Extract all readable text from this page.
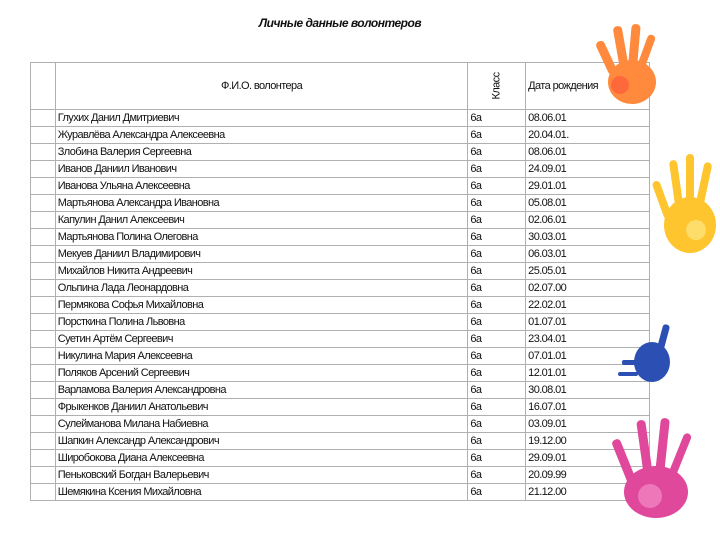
Личные данные волонтеров
	Ф.И.О. волонтера	Класс	Дата рождения
	Глухих Данил Дмитриевич	6а	08.06.01
	Журавлёва Александра Алексеевна	6а	20.04.01.
	Злобина Валерия Сергеевна	6а	08.06.01
	Иванов Даниил Иванович	6а	24.09.01
	Иванова Ульяна Алексеевна	6а	29.01.01
	Мартьянова Александра Ивановна	6а	05.08.01
	Капулин Данил Алексеевич	6а	02.06.01
	Мартьянова Полина Олеговна	6а	30.03.01
	Мекуев Даниил Владимирович	6а	06.03.01
	Михайлов Никита Андреевич	6а	25.05.01
	Ольпина Лада Леонардовна	6а	02.07.00
	Пермякова Софья Михайловна	6а	22.02.01
	Порсткина Полина Львовна	6а	01.07.01
	Суетин Артём Сергеевич	6а	23.04.01
	Никулина Мария Алексеевна	6а	07.01.01
	Поляков Арсений Сергеевич	6а	12.01.01
	Варламова Валерия Александровна	6а	30.08.01
	Фрыкенков Даниил Анатольевич	6а	16.07.01
	Сулейманова Милана Набиевна	6а	03.09.01
	Шапкин Александр Александрович	6а	19.12.00
	Широбокова Диана Алексеевна	6а	29.09.01
	Пеньковский Богдан Валерьевич	6а	20.09.99
	Шемякина Ксения Михайловна	6а	21.12.00
